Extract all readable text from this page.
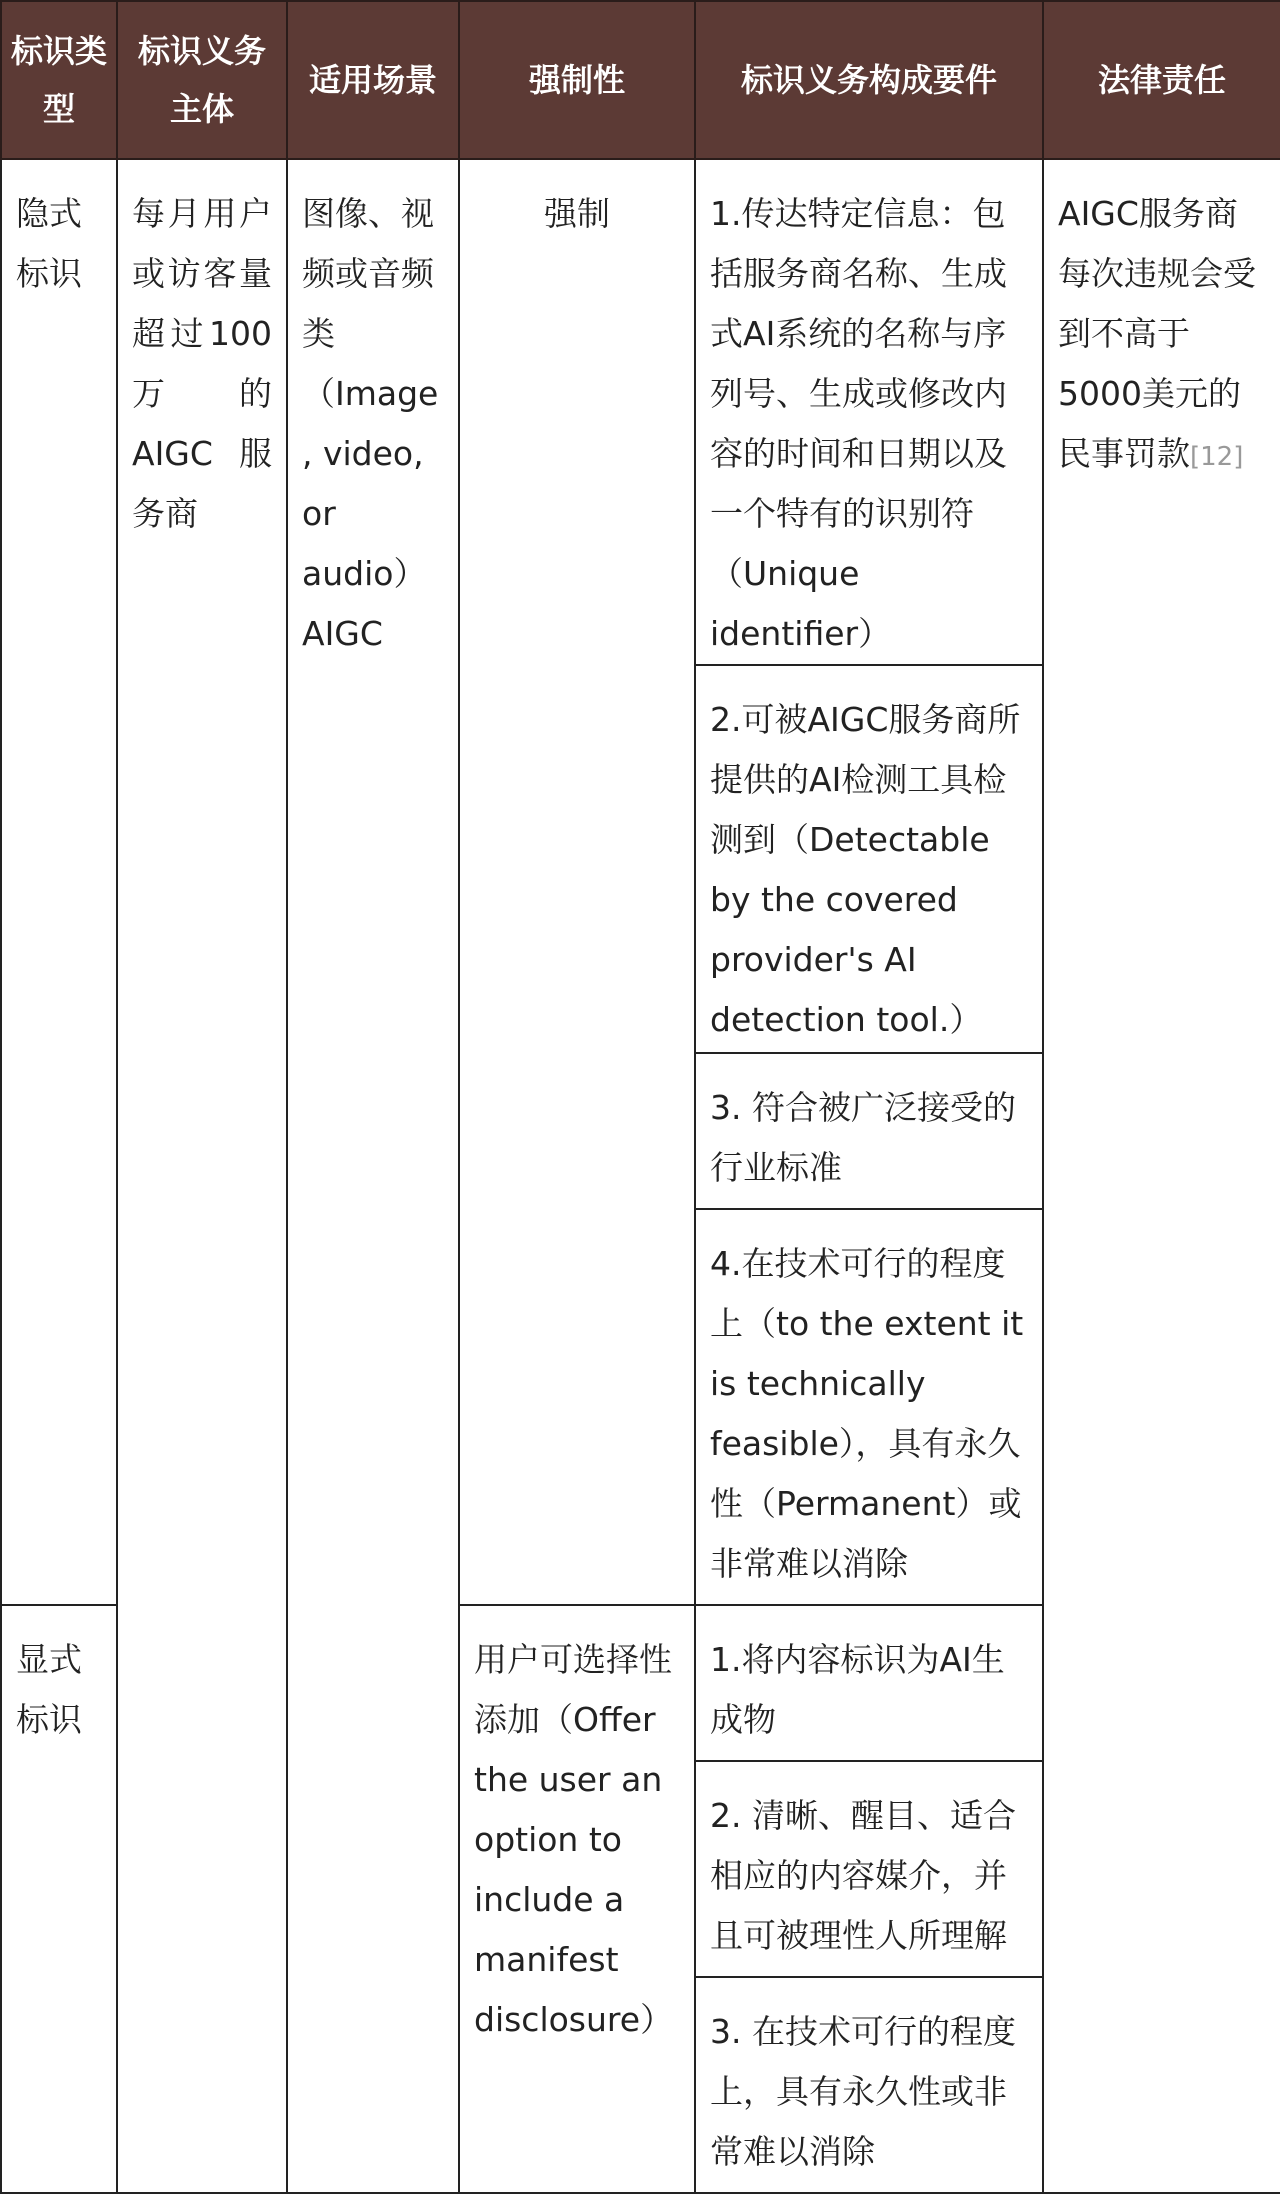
标识类型	标识义务主体	适用场景	强制性	标识义务构成要件	法律责任
隐式标识	每月用户或访客量超过100万的AIGC服务商	图像、视频或音频类（Image, video, or audio）AIGC	强制	1.传达特定信息：包括服务商名称、生成式AI系统的名称与序列号、生成或修改内容的时间和日期以及一个特有的识别符（Unique identifier）	AIGC服务商每次违规会受到不高于5000美元的民事罚款[12]
				2.可被AIGC服务商所提供的AI检测工具检测到（Detectable by the covered provider's AI detection tool.）	
				3. 符合被广泛接受的行业标准	
				4.在技术可行的程度上（to the extent it is technically feasible），具有永久性（Permanent）或非常难以消除	
显式标识			用户可选择性添加（Offer the user an option to include a manifest disclosure）	1.将内容标识为AI生成物	
				2. 清晰、醒目、适合相应的内容媒介，并且可被理性人所理解	
				3. 在技术可行的程度上，具有永久性或非常难以消除	
